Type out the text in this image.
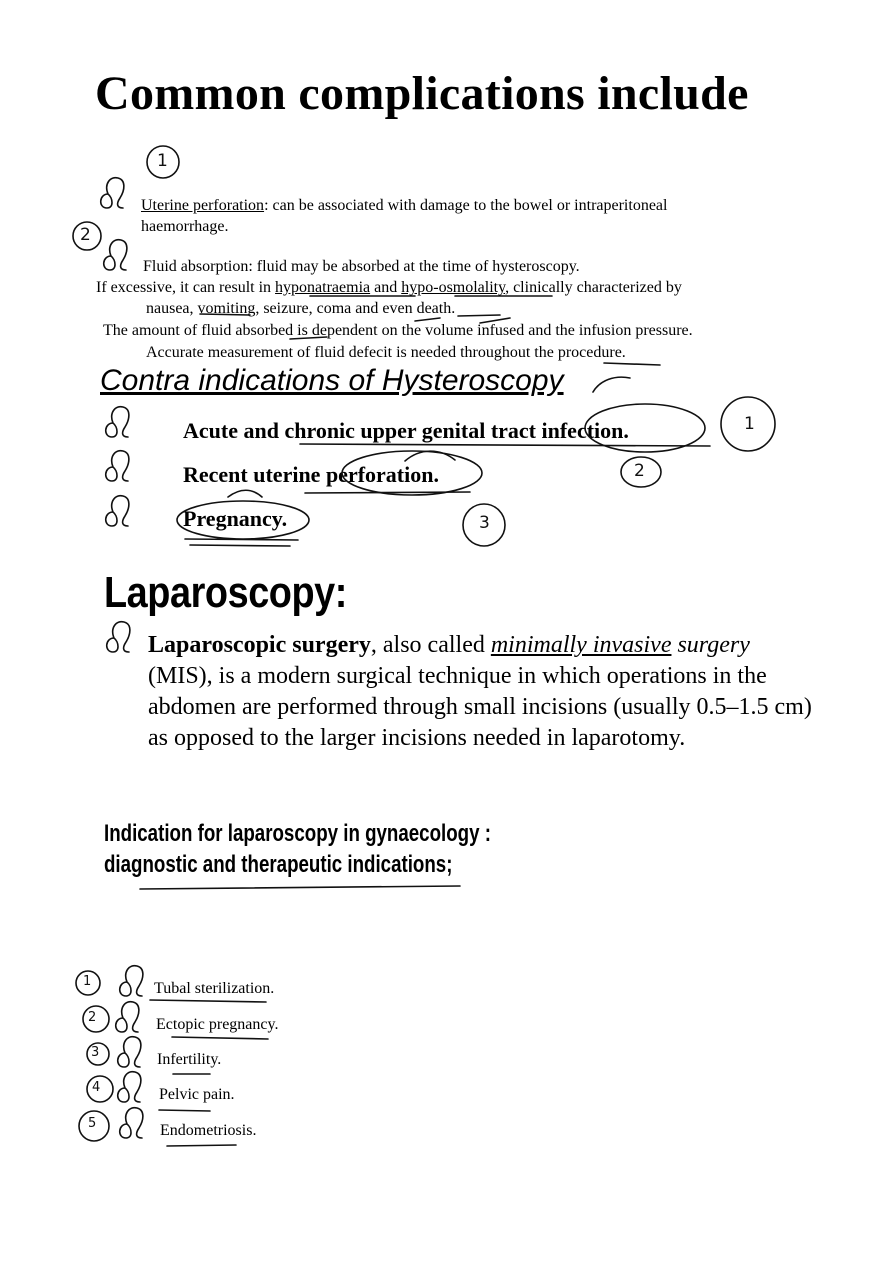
Common complications include
Uterine perforation: can be associated with damage to the bowel or intraperitoneal
haemorrhage.
Fluid absorption: fluid may be absorbed at the time of hysteroscopy.
If excessive, it can result in hyponatraemia and hypo-osmolality, clinically characterized by
nausea, vomiting, seizure, coma and even death.
The amount of fluid absorbed is dependent on the volume infused and the infusion pressure.
Accurate measurement of fluid defecit is needed throughout the procedure.
Contra indications of Hysteroscopy
Acute and chronic upper genital tract infection.
Recent uterine perforation.
Pregnancy.
Laparoscopy:
Laparoscopic surgery, also called minimally invasive surgery
(MIS), is a modern surgical technique in which operations in the abdomen are performed through small incisions (usually 0.5–1.5 cm) as opposed to the larger incisions needed in laparotomy.
Indication for laparoscopy in gynaecology :
diagnostic and therapeutic indications;
Tubal sterilization.
Ectopic pregnancy.
Infertility.
Pelvic pain.
Endometriosis.
1
2
1
2
3
1
2
3
4
5
